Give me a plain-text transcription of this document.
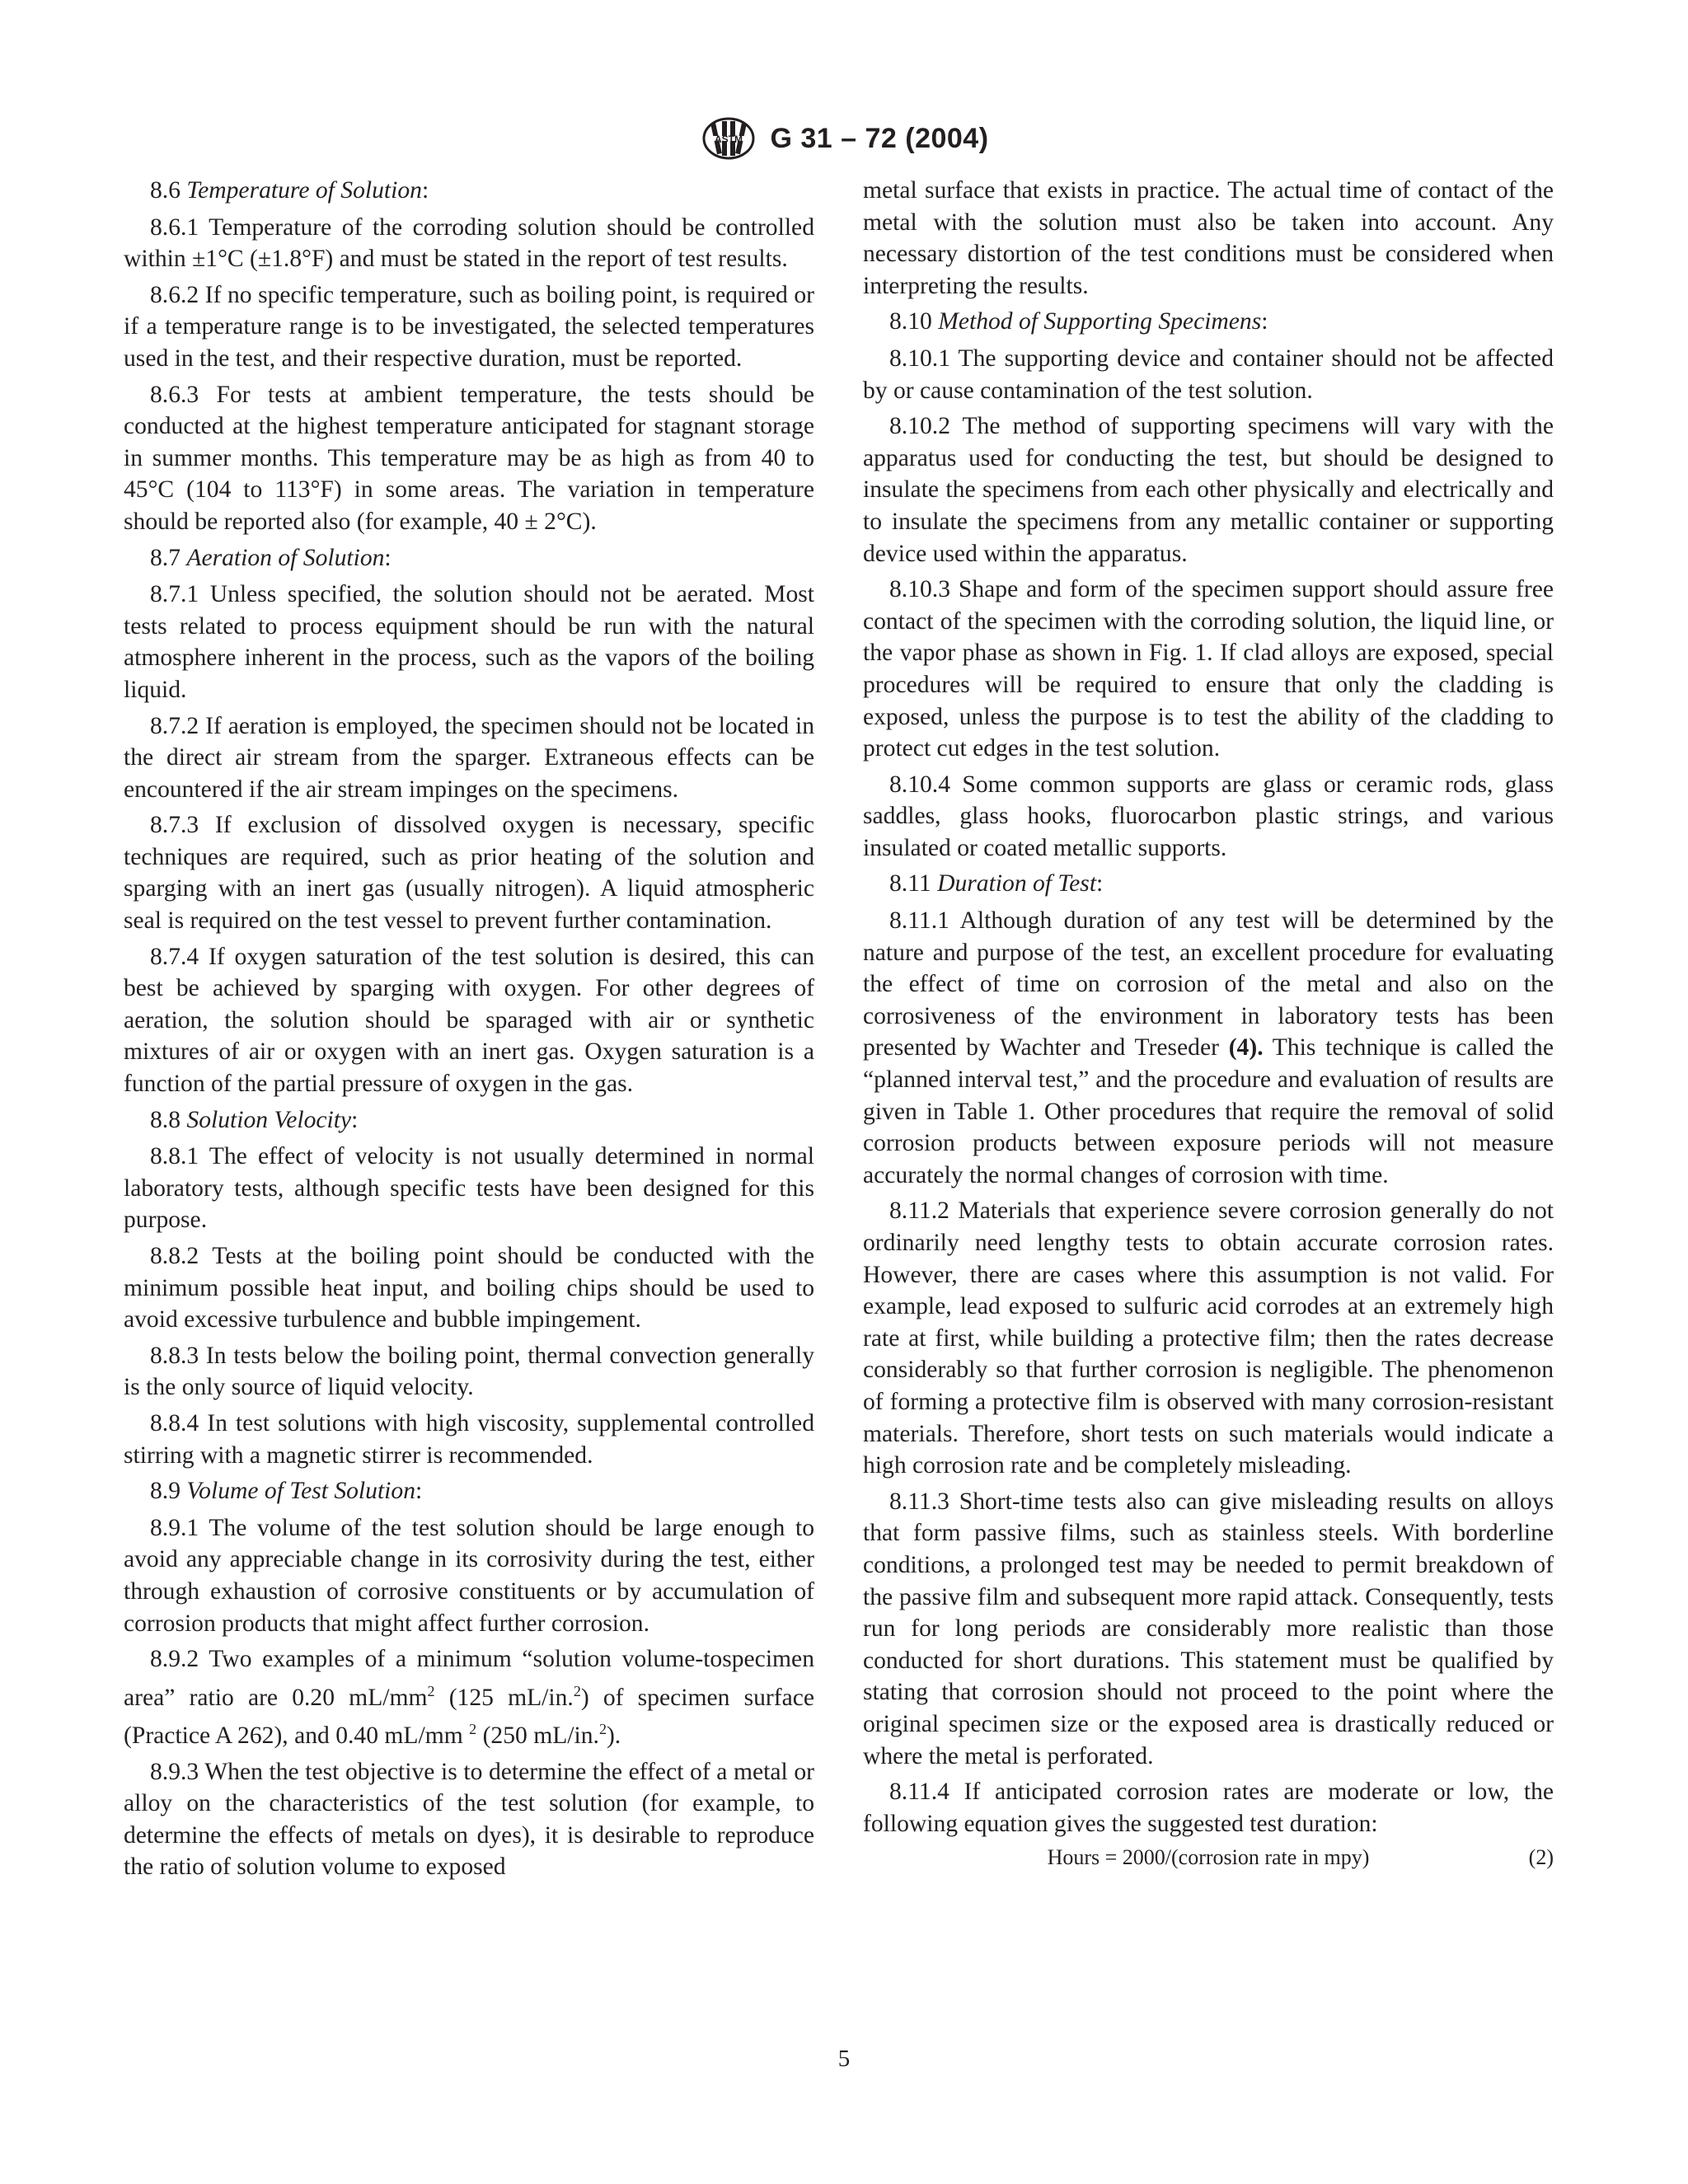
ASTM G 31 – 72 (2004)

8.6 Temperature of Solution:

8.6.1 Temperature of the corroding solution should be controlled within ±1°C (±1.8°F) and must be stated in the report of test results.

8.6.2 If no specific temperature, such as boiling point, is required or if a temperature range is to be investigated, the selected temperatures used in the test, and their respective duration, must be reported.

8.6.3 For tests at ambient temperature, the tests should be conducted at the highest temperature anticipated for stagnant storage in summer months. This temperature may be as high as from 40 to 45°C (104 to 113°F) in some areas. The variation in temperature should be reported also (for example, 40 ± 2°C).

8.7 Aeration of Solution:

8.7.1 Unless specified, the solution should not be aerated. Most tests related to process equipment should be run with the natural atmosphere inherent in the process, such as the vapors of the boiling liquid.

8.7.2 If aeration is employed, the specimen should not be located in the direct air stream from the sparger. Extraneous effects can be encountered if the air stream impinges on the specimens.

8.7.3 If exclusion of dissolved oxygen is necessary, specific techniques are required, such as prior heating of the solution and sparging with an inert gas (usually nitrogen). A liquid atmospheric seal is required on the test vessel to prevent further contamination.

8.7.4 If oxygen saturation of the test solution is desired, this can best be achieved by sparging with oxygen. For other degrees of aeration, the solution should be sparaged with air or synthetic mixtures of air or oxygen with an inert gas. Oxygen saturation is a function of the partial pressure of oxygen in the gas.

8.8 Solution Velocity:

8.8.1 The effect of velocity is not usually determined in normal laboratory tests, although specific tests have been designed for this purpose.

8.8.2 Tests at the boiling point should be conducted with the minimum possible heat input, and boiling chips should be used to avoid excessive turbulence and bubble impingement.

8.8.3 In tests below the boiling point, thermal convection generally is the only source of liquid velocity.

8.8.4 In test solutions with high viscosity, supplemental controlled stirring with a magnetic stirrer is recommended.

8.9 Volume of Test Solution:

8.9.1 The volume of the test solution should be large enough to avoid any appreciable change in its corrosivity during the test, either through exhaustion of corrosive constituents or by accumulation of corrosion products that might affect further corrosion.

8.9.2 Two examples of a minimum “solution volume-tospecimen area” ratio are 0.20 $mL/mm^2$ (125 mL/in.$^2$) of specimen surface (Practice A 262), and 0.40 mL/mm $^2$ (250 mL/in.$^2$).

8.9.3 When the test objective is to determine the effect of a metal or alloy on the characteristics of the test solution (for example, to determine the effects of metals on dyes), it is desirable to reproduce the ratio of solution volume to exposed

metal surface that exists in practice. The actual time of contact of the metal with the solution must also be taken into account. Any necessary distortion of the test conditions must be considered when interpreting the results.

8.10 Method of Supporting Specimens:

8.10.1 The supporting device and container should not be affected by or cause contamination of the test solution.

8.10.2 The method of supporting specimens will vary with the apparatus used for conducting the test, but should be designed to insulate the specimens from each other physically and electrically and to insulate the specimens from any metallic container or supporting device used within the apparatus.

8.10.3 Shape and form of the specimen support should assure free contact of the specimen with the corroding solution, the liquid line, or the vapor phase as shown in Fig. 1. If clad alloys are exposed, special procedures will be required to ensure that only the cladding is exposed, unless the purpose is to test the ability of the cladding to protect cut edges in the test solution.

8.10.4 Some common supports are glass or ceramic rods, glass saddles, glass hooks, fluorocarbon plastic strings, and various insulated or coated metallic supports.

8.11 Duration of Test:

8.11.1 Although duration of any test will be determined by the nature and purpose of the test, an excellent procedure for evaluating the effect of time on corrosion of the metal and also on the corrosiveness of the environment in laboratory tests has been presented by Wachter and Treseder (4). This technique is called the “planned interval test,” and the procedure and evaluation of results are given in Table 1. Other procedures that require the removal of solid corrosion products between exposure periods will not measure accurately the normal changes of corrosion with time.

8.11.2 Materials that experience severe corrosion generally do not ordinarily need lengthy tests to obtain accurate corrosion rates. However, there are cases where this assumption is not valid. For example, lead exposed to sulfuric acid corrodes at an extremely high rate at first, while building a protective film; then the rates decrease considerably so that further corrosion is negligible. The phenomenon of forming a protective film is observed with many corrosion-resistant materials. Therefore, short tests on such materials would indicate a high corrosion rate and be completely misleading.

8.11.3 Short-time tests also can give misleading results on alloys that form passive films, such as stainless steels. With borderline conditions, a prolonged test may be needed to permit breakdown of the passive film and subsequent more rapid attack. Consequently, tests run for long periods are considerably more realistic than those conducted for short durations. This statement must be qualified by stating that corrosion should not proceed to the point where the original specimen size or the exposed area is drastically reduced or where the metal is perforated.

8.11.4 If anticipated corrosion rates are moderate or low, the following equation gives the suggested test duration:

Hours = 2000/(corrosion rate in mpy)	(2)
5
